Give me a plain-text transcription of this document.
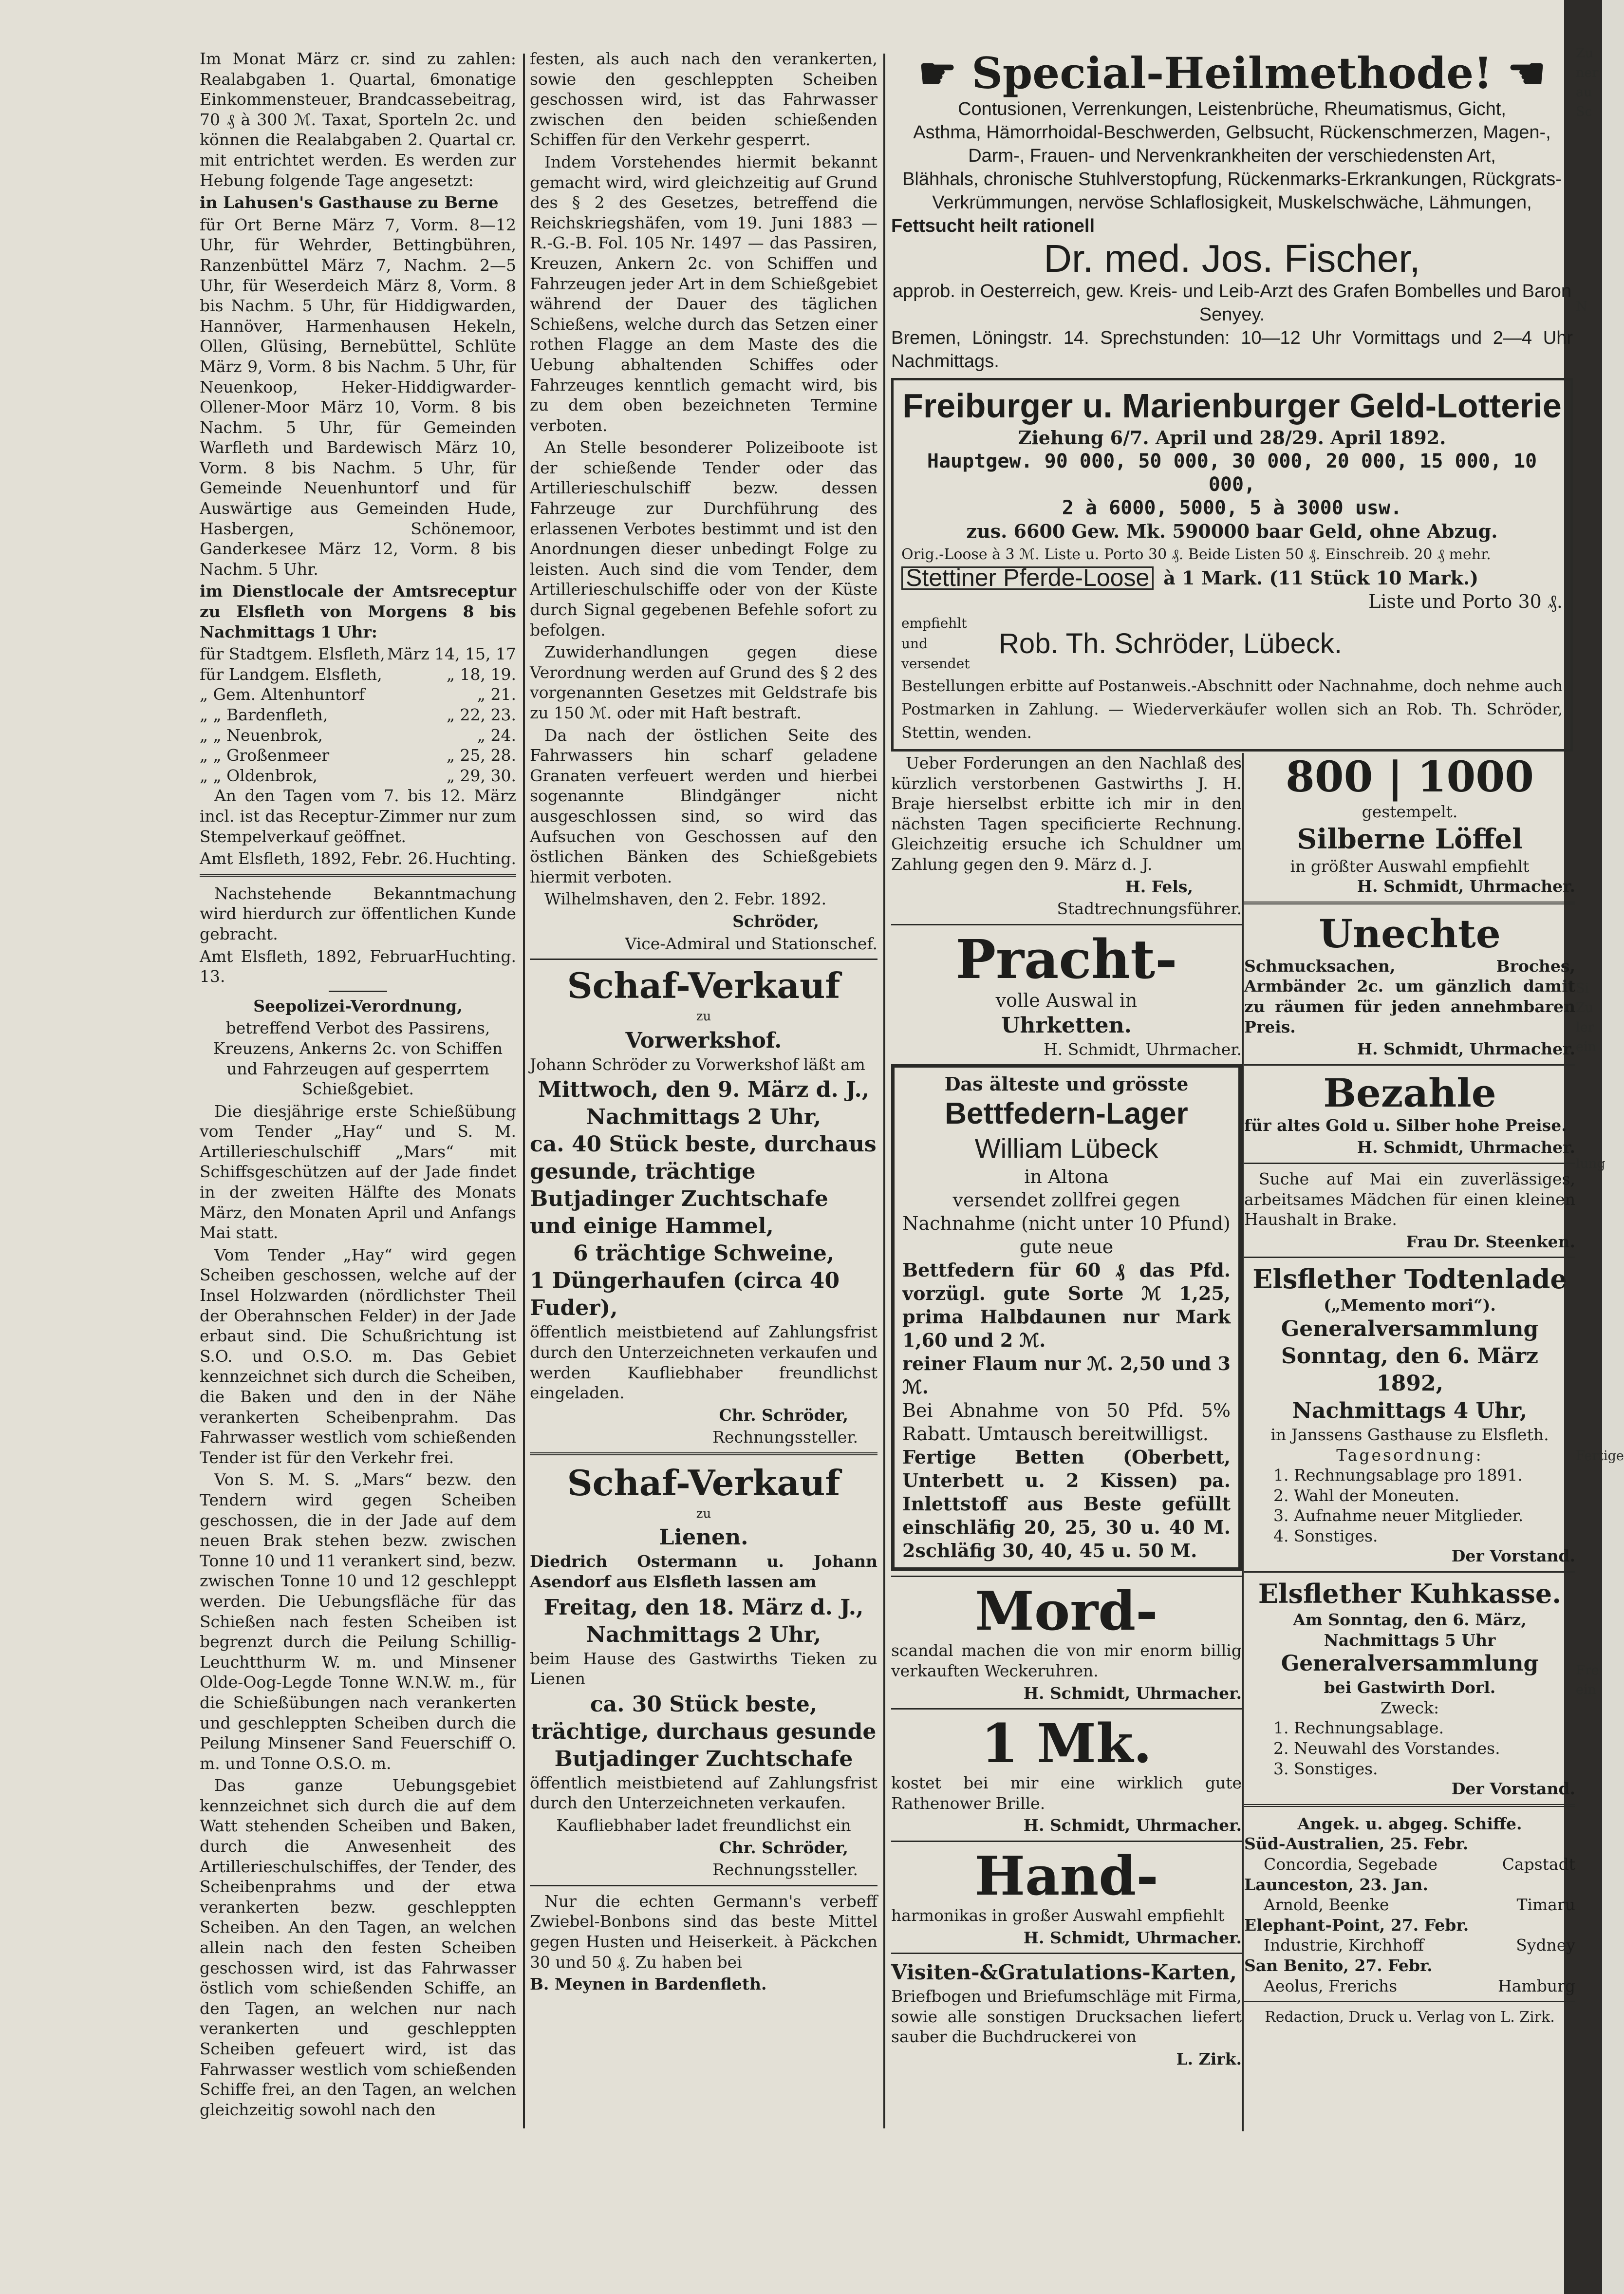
Im Monat März cr. sind zu zahlen: Realabgaben 1. Quartal, 6monatige Einkommensteuer, Brandcassebeitrag, 70 ₰ à 300 ℳ. Taxat, Sporteln 2c. und können die Realabgaben 2. Quartal cr. mit entrichtet werden. Es werden zur Hebung folgende Tage angesetzt:

in Lahusen's Gasthause zu Berne

für Ort Berne März 7, Vorm. 8—12 Uhr, für Wehrder, Bettingbühren, Ranzenbüttel März 7, Nachm. 2—5 Uhr, für Weserdeich März 8, Vorm. 8 bis Nachm. 5 Uhr, für Hiddigwarden, Hannöver, Harmenhausen Hekeln, Ollen, Glüsing, Bernebüttel, Schlüte März 9, Vorm. 8 bis Nachm. 5 Uhr, für Neuenkoop, Heker-Hiddigwarder-Ollener-Moor März 10, Vorm. 8 bis Nachm. 5 Uhr, für Gemeinden Warfleth und Bardewisch März 10, Vorm. 8 bis Nachm. 5 Uhr, für Gemeinde Neuenhuntorf und für Auswärtige aus Gemeinden Hude, Hasbergen, Schönemoor, Ganderkesee März 12, Vorm. 8 bis Nachm. 5 Uhr.

im Dienstlocale der Amtsreceptur zu Elsfleth von Morgens 8 bis Nachmittags 1 Uhr:

für Stadtgem. Elsfleth, März 14, 15, 17
für Landgem. Elsfleth,	„ 18, 19.
„ Gem. Altenhuntorf	„ 21.
„ „ Bardenfleth,	„ 22, 23.
„ „ Neuenbrok,	„ 24.
„ „ Großenmeer	„ 25, 28.
„ „ Oldenbrok,	„ 29, 30.

An den Tagen vom 7. bis 12. März incl. ist das Receptur-Zimmer nur zum Stempelverkauf geöffnet.

Amt Elsfleth, 1892, Febr. 26. Huchting.

Nachstehende Bekanntmachung wird hierdurch zur öffentlichen Kunde gebracht.

Amt Elsfleth, 1892, Februar 13.
Huchting.

Seepolizei-Verordnung,

betreffend Verbot des Passirens, Kreuzens, Ankerns 2c. von Schiffen und Fahrzeugen auf gesperrtem Schießgebiet.

Die diesjährige erste Schießübung vom Tender „Hay“ und S. M. Artillerieschulschiff „Mars“ mit Schiffsgeschützen auf der Jade findet in der zweiten Hälfte des Monats März, den Monaten April und Anfangs Mai statt.

Vom Tender „Hay“ wird gegen Scheiben geschossen, welche auf der Insel Holzwarden (nördlichster Theil der Oberahnschen Felder) in der Jade erbaut sind. Die Schußrichtung ist S.O. und O.S.O. m. Das Gebiet kennzeichnet sich durch die Scheiben, die Baken und den in der Nähe verankerten Scheibenprahm. Das Fahrwasser westlich vom schießenden Tender ist für den Verkehr frei.

Von S. M. S. „Mars“ bezw. den Tendern wird gegen Scheiben geschossen, die in der Jade auf dem neuen Brak stehen bezw. zwischen Tonne 10 und 11 verankert sind, bezw. zwischen Tonne 10 und 12 geschleppt werden. Die Uebungsfläche für das Schießen nach festen Scheiben ist begrenzt durch die Peilung Schillig-Leuchtthurm W. m. und Minsener Olde-Oog-Legde Tonne W.N.W. m., für die Schießübungen nach verankerten und geschleppten Scheiben durch die Peilung Minsener Sand Feuerschiff O. m. und Tonne O.S.O. m.

Das ganze Uebungsgebiet kennzeichnet sich durch die auf dem Watt stehenden Scheiben und Baken, durch die Anwesenheit des Artillerieschulschiffes, der Tender, des Scheibenprahms und der etwa verankerten bezw. geschleppten Scheiben. An den Tagen, an welchen allein nach den festen Scheiben geschossen wird, ist das Fahrwasser östlich vom schießenden Schiffe, an den Tagen, an welchen nur nach verankerten und geschleppten Scheiben gefeuert wird, ist das Fahrwasser westlich vom schießenden Schiffe frei, an den Tagen, an welchen gleichzeitig sowohl nach den

festen, als auch nach den verankerten, sowie den geschleppten Scheiben geschossen wird, ist das Fahrwasser zwischen den beiden schießenden Schiffen für den Verkehr gesperrt.

Indem Vorstehendes hiermit bekannt gemacht wird, wird gleichzeitig auf Grund des § 2 des Gesetzes, betreffend die Reichskriegshäfen, vom 19. Juni 1883 — R.-G.-B. Fol. 105 Nr. 1497 — das Passiren, Kreuzen, Ankern 2c. von Schiffen und Fahrzeugen jeder Art in dem Schießgebiet während der Dauer des täglichen Schießens, welche durch das Setzen einer rothen Flagge an dem Maste des die Uebung abhaltenden Schiffes oder Fahrzeuges kenntlich gemacht wird, bis zu dem oben bezeichneten Termine verboten.

An Stelle besonderer Polizeiboote ist der schießende Tender oder das Artillerieschulschiff bezw. dessen Fahrzeuge zur Durchführung des erlassenen Verbotes bestimmt und ist den Anordnungen dieser unbedingt Folge zu leisten. Auch sind die vom Tender, dem Artillerieschulschiffe oder von der Küste durch Signal gegebenen Befehle sofort zu befolgen.

Zuwiderhandlungen gegen diese Verordnung werden auf Grund des § 2 des vorgenannten Gesetzes mit Geldstrafe bis zu 150 ℳ. oder mit Haft bestraft.

Da nach der östlichen Seite des Fahrwassers hin scharf geladene Granaten verfeuert werden und hierbei sogenannte Blindgänger nicht ausgeschlossen sind, so wird das Aufsuchen von Geschossen auf den östlichen Bänken des Schießgebiets hiermit verboten.

Wilhelmshaven, den 2. Febr. 1892.

Schröder,

Vice-Admiral und Stationschef.

Schaf-Verkauf
zu
Vorwerkshof.

Johann Schröder zu Vorwerkshof läßt am

Mittwoch, den 9. März d. J.,
Nachmittags 2 Uhr,
ca. 40 Stück beste, durchaus gesunde, trächtige Butjadinger Zuchtschafe und einige Hammel,
6 trächtige Schweine,
1 Düngerhaufen (circa 40 Fuder),

öffentlich meistbietend auf Zahlungsfrist durch den Unterzeichneten verkaufen und werden Kaufliebhaber freundlichst eingeladen.

Chr. Schröder,

Rechnungssteller.

Schaf-Verkauf
zu
Lienen.

Diedrich Ostermann u. Johann Asendorf aus Elsfleth lassen am

Freitag, den 18. März d. J.,
Nachmittags 2 Uhr,

beim Hause des Gastwirths Tieken zu Lienen

ca. 30 Stück beste, trächtige, durchaus gesunde Butjadinger Zuchtschafe

öffentlich meistbietend auf Zahlungsfrist durch den Unterzeichneten verkaufen.

Kaufliebhaber ladet freundlichst ein

Chr. Schröder,

Rechnungssteller.

Nur die echten Germann's verbeff Zwiebel-Bonbons sind das beste Mittel gegen Husten und Heiserkeit. à Päckchen 30 und 50 ₰. Zu haben bei

B. Meynen in Bardenfleth.

☛ Special-Heilmethode! ☚
Contusionen, Verrenkungen, Leistenbrüche, Rheumatismus, Gicht,
Asthma, Hämorrhoidal-Beschwerden, Gelbsucht, Rückenschmerzen, Magen-,
Darm-, Frauen- und Nervenkrankheiten der verschiedensten Art,
Blähhals, chronische Stuhlverstopfung, Rückenmarks-Erkrankungen, Rückgrats-Verkrümmungen, nervöse Schlaflosigkeit, Muskelschwäche, Lähmungen,
Fettsucht heilt rationell
Dr. med. Jos. Fischer,
approb. in Oesterreich, gew. Kreis- und Leib-Arzt des Grafen Bombelles und Baron Senyey.
Bremen, Löningstr. 14. Sprechstunden: 10—12 Uhr Vormittags und 2—4 Uhr Nachmittags.
Freiburger u. Marienburger Geld-Lotterie
Ziehung 6/7. April und 28/29. April 1892.
Hauptgew. 90 000, 50 000, 30 000, 20 000, 15 000, 10 000,
2 à 6000, 5000, 5 à 3000 usw.
zus. 6600 Gew. Mk. 590000 baar Geld, ohne Abzug.
Orig.-Loose à 3 ℳ. Liste u. Porto 30 ₰. Beide Listen 50 ₰. Einschreib. 20 ₰ mehr.
Stettiner Pferde-Loose à 1 Mark. (11 Stück 10 Mark.)
Liste und Porto 30 ₰.
empfiehlt und versendet
Rob. Th. Schröder, Lübeck.
Bestellungen erbitte auf Postanweis.-Abschnitt oder Nachnahme, doch nehme auch Postmarken in Zahlung. — Wiederverkäufer wollen sich an Rob. Th. Schröder, Stettin, wenden.

Ueber Forderungen an den Nachlaß des kürzlich verstorbenen Gastwirths J. H. Braje hierselbst erbitte ich mir in den nächsten Tagen specificierte Rechnung. Gleichzeitig ersuche ich Schuldner um Zahlung gegen den 9. März d. J.

H. Fels,

Stadtrechnungsführer.

Pracht-
volle Auswal in
Uhrketten.
H. Schmidt, Uhrmacher.
Das älteste und grösste
Bettfedern-Lager
William Lübeck
in Altona
versendet zollfrei gegen Nachnahme (nicht unter 10 Pfund) gute neue
Bettfedern für 60 ₰ das Pfd. vorzügl. gute Sorte ℳ 1,25, prima Halbdaunen nur Mark 1,60 und 2 ℳ.
reiner Flaum nur ℳ. 2,50 und 3 ℳ.
Bei Abnahme von 50 Pfd. 5% Rabatt. Umtausch bereitwilligst.
Fertige Betten (Oberbett, Unterbett u. 2 Kissen) pa. Inlettstoff aus Beste gefüllt einschläfig 20, 25, 30 u. 40 M. 2schläfig 30, 40, 45 u. 50 M.
Mord-

scandal machen die von mir enorm billig verkauften Weckeruhren.

H. Schmidt, Uhrmacher.

1 Mk.

kostet bei mir eine wirklich gute Rathenower Brille.

H. Schmidt, Uhrmacher.

Hand-

harmonikas in großer Auswahl empfiehlt

H. Schmidt, Uhrmacher.

Visiten-&Gratulations-Karten,

Briefbogen und Briefumschläge mit Firma, sowie alle sonstigen Drucksachen liefert sauber die Buchdruckerei von

L. Zirk.

800 | 1000
gestempelt.
Silberne Löffel
in größter Auswahl empfiehlt
H. Schmidt, Uhrmacher.
Unechte

Schmucksachen, Broches, Armbänder 2c. um gänzlich damit zu räumen für jeden annehmbaren Preis.

H. Schmidt, Uhrmacher.
Bezahle

für altes Gold u. Silber hohe Preise.

H. Schmidt, Uhrmacher.

Suche auf Mai ein zuverlässiges, arbeitsames Mädchen für einen kleinen Haushalt in Brake.

Frau Dr. Steenken.
Elsflether Todtenlade
(„Memento mori“).
Generalversammlung
Sonntag, den 6. März 1892,
Nachmittags 4 Uhr,
in Janssens Gasthause zu Elsfleth.
Tagesordnung:
1. Rechnungsablage pro 1891.
2. Wahl der Moneuten.
3. Aufnahme neuer Mitglieder.
4. Sonstiges.
Der Vorstand.
Elsflether Kuhkasse.
Am Sonntag, den 6. März, Nachmittags 5 Uhr
Generalversammlung
bei Gastwirth Dorl.
Zweck:
1. Rechnungsablage.
2. Neuwahl des Vorstandes.
3. Sonstiges.
Der Vorstand.
Angek. u. abgeg. Schiffe.
Süd-Australien, 25. Febr.
Concordia, Segebade	Capstadt
Launceston, 23. Jan.
Arnold, Beenke	Timaru
Elephant-Point, 27. Febr.
Industrie, Kirchhoff	Sydney
San Benito, 27. Febr.
Aeolus, Frerichs	Hamburg
Redaction, Druck u. Verlag von L. Zirk.
Zu
ner
au
Sc

N

Si
Zu
ler
ein

lung

Fertige

Fre
ein
